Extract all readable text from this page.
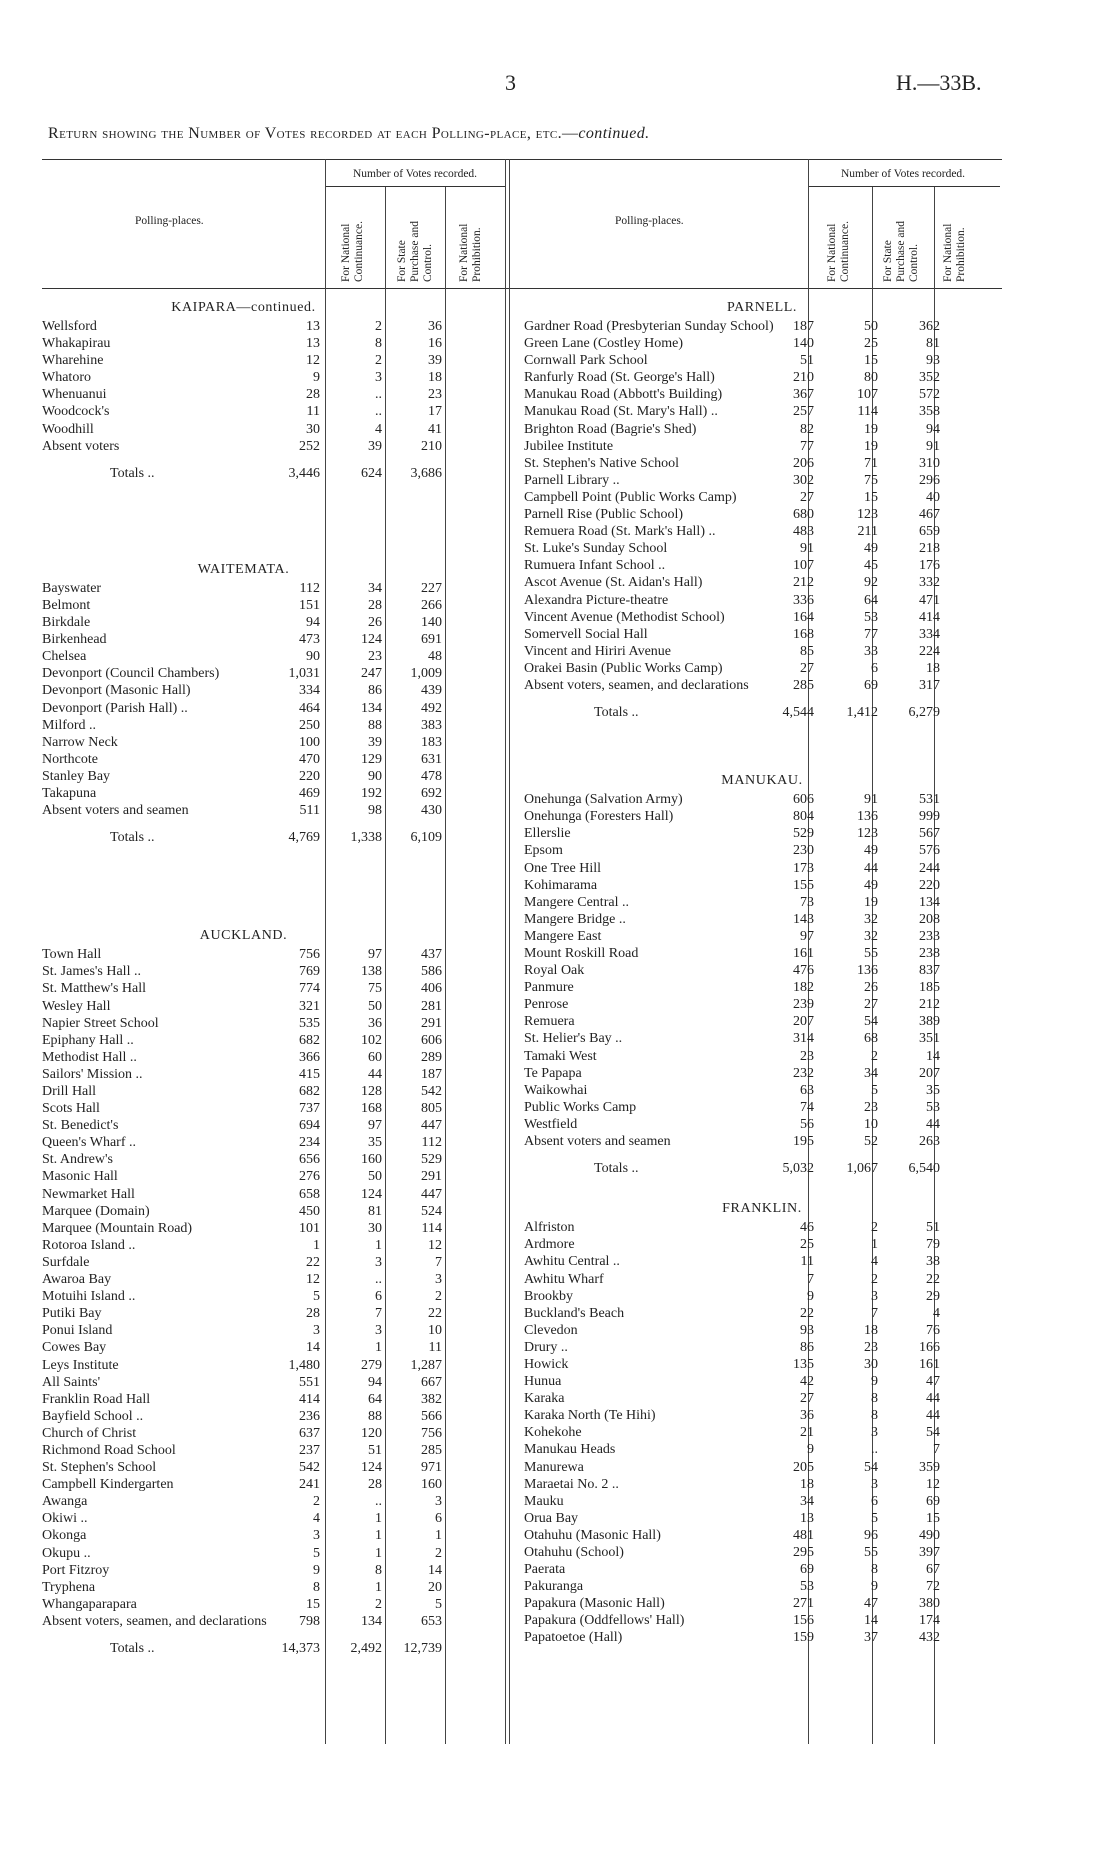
3	H.—33B.
Return showing the Number of Votes recorded at each Polling-place, etc.—continued.
Polling-places.
Number of Votes recorded.
For National Continuance.	For State Purchase and Control. For National Prohibition.
Polling-places.
Number of Votes recorded.
For National Continuance.	For State Purchase and Control. For National Prohibition.
KAIPARA—continued.
Wellsford	13	2	36
Whakapirau	13	8	16
Wharehine	12	2	39
Whatoro	9	3	18
Whenuanui	28	..	23
Woodcock's	11	..	17
Woodhill	30	4	41
Absent voters	252	39	210
Totals ..	3,446	624	3,686
WAITEMATA.
Bayswater	112	34	227
Belmont	151	28	266
Birkdale	94	26	140
Birkenhead	473	124	691
Chelsea	90	23	48
Devonport (Council Chambers)	1,031	247	1,009
Devonport (Masonic Hall)	334	86	439
Devonport (Parish Hall) ..	464	134	492
Milford ..	250	88	383
Narrow Neck	100	39	183
Northcote	470	129	631
Stanley Bay	220	90	478
Takapuna	469	192	692
Absent voters and seamen	511	98	430
Totals ..	4,769	1,338	6,109
AUCKLAND.
Town Hall	756	97	437
St. James's Hall ..	769	138	586
St. Matthew's Hall	774	75	406
Wesley Hall	321	50	281
Napier Street School	535	36	291
Epiphany Hall ..	682	102	606
Methodist Hall ..	366	60	289
Sailors' Mission ..	415	44	187
Drill Hall	682	128	542
Scots Hall	737	168	805
St. Benedict's	694	97	447
Queen's Wharf ..	234	35	112
St. Andrew's	656	160	529
Masonic Hall	276	50	291
Newmarket Hall	658	124	447
Marquee (Domain)	450	81	524
Marquee (Mountain Road)	101	30	114
Rotoroa Island ..	1	1	12
Surfdale	22	3	7
Awaroa Bay	12	..	3
Motuihi Island ..	5	6	2
Putiki Bay	28	7	22
Ponui Island	3	3	10
Cowes Bay	14	1	11
Leys Institute	1,480	279	1,287
All Saints'	551	94	667
Franklin Road Hall	414	64	382
Bayfield School ..	236	88	566
Church of Christ	637	120	756
Richmond Road School	237	51	285
St. Stephen's School	542	124	971
Campbell Kindergarten	241	28	160
Awanga	2	..	3
Okiwi ..	4	1	6
Okonga	3	1	1
Okupu ..	5	1	2
Port Fitzroy	9	8	14
Tryphena	8	1	20
Whangaparapara	15	2	5
Absent voters, seamen, and declarations	798	134	653
Totals ..	14,373	2,492	12,739
PARNELL.
Gardner Road (Presbyterian Sunday School)	187	50	362
Green Lane (Costley Home)	140	25	81
Cornwall Park School	51	15	93
Ranfurly Road (St. George's Hall)	210	80	352
Manukau Road (Abbott's Building)	367	107	572
Manukau Road (St. Mary's Hall) ..	257	114	358
Brighton Road (Bagrie's Shed)	82	19	94
Jubilee Institute	77	19	91
St. Stephen's Native School	206	71	310
Parnell Library ..	302	75	296
Campbell Point (Public Works Camp)	27	15	40
Parnell Rise (Public School)	680	123	467
Remuera Road (St. Mark's Hall) ..	483	211	659
St. Luke's Sunday School	91	49	218
Rumuera Infant School ..	107	45	176
Ascot Avenue (St. Aidan's Hall)	212	92	332
Alexandra Picture-theatre	336	64	471
Vincent Avenue (Methodist School)	164	53	414
Somervell Social Hall	168	77	334
Vincent and Hiriri Avenue	85	33	224
Orakei Basin (Public Works Camp)	27	6	18
Absent voters, seamen, and declarations	285	69	317
Totals ..	4,544	1,412	6,279
MANUKAU.
Onehunga (Salvation Army)	606	91	531
Onehunga (Foresters Hall)	804	136	999
Ellerslie	529	123	567
Epsom	230	49	576
One Tree Hill	173	44	244
Kohimarama	155	49	220
Mangere Central ..	73	19	134
Mangere Bridge ..	143	32	208
Mangere East	97	32	233
Mount Roskill Road	161	55	238
Royal Oak	476	136	837
Panmure	182	26	185
Penrose	239	27	212
Remuera	207	54	389
St. Helier's Bay ..	314	68	351
Tamaki West	23	2	14
Te Papapa	232	34	207
Waikowhai	63	5	35
Public Works Camp	74	23	53
Westfield	56	10	44
Absent voters and seamen	195	52	263
Totals ..	5,032	1,067	6,540
FRANKLIN.
Alfriston	46	2	51
Ardmore	25	1	79
Awhitu Central ..	11	4	38
Awhitu Wharf	7	2	22
Brookby	9	3	29
Buckland's Beach	22	7	4
Clevedon	93	18	76
Drury ..	86	23	166
Howick	135	30	161
Hunua	42	9	47
Karaka	27	8	44
Karaka North (Te Hihi)	36	8	44
Kohekohe	21	3	54
Manukau Heads	9	..	7
Manurewa	205	54	359
Maraetai No. 2 ..	18	3	12
Mauku	34	6	69
Orua Bay	13	5	15
Otahuhu (Masonic Hall)	481	96	490
Otahuhu (School)	295	55	397
Paerata	69	8	67
Pakuranga	53	9	72
Papakura (Masonic Hall)	271	47	380
Papakura (Oddfellows' Hall)	156	14	174
Papatoetoe (Hall)	159	37	432
